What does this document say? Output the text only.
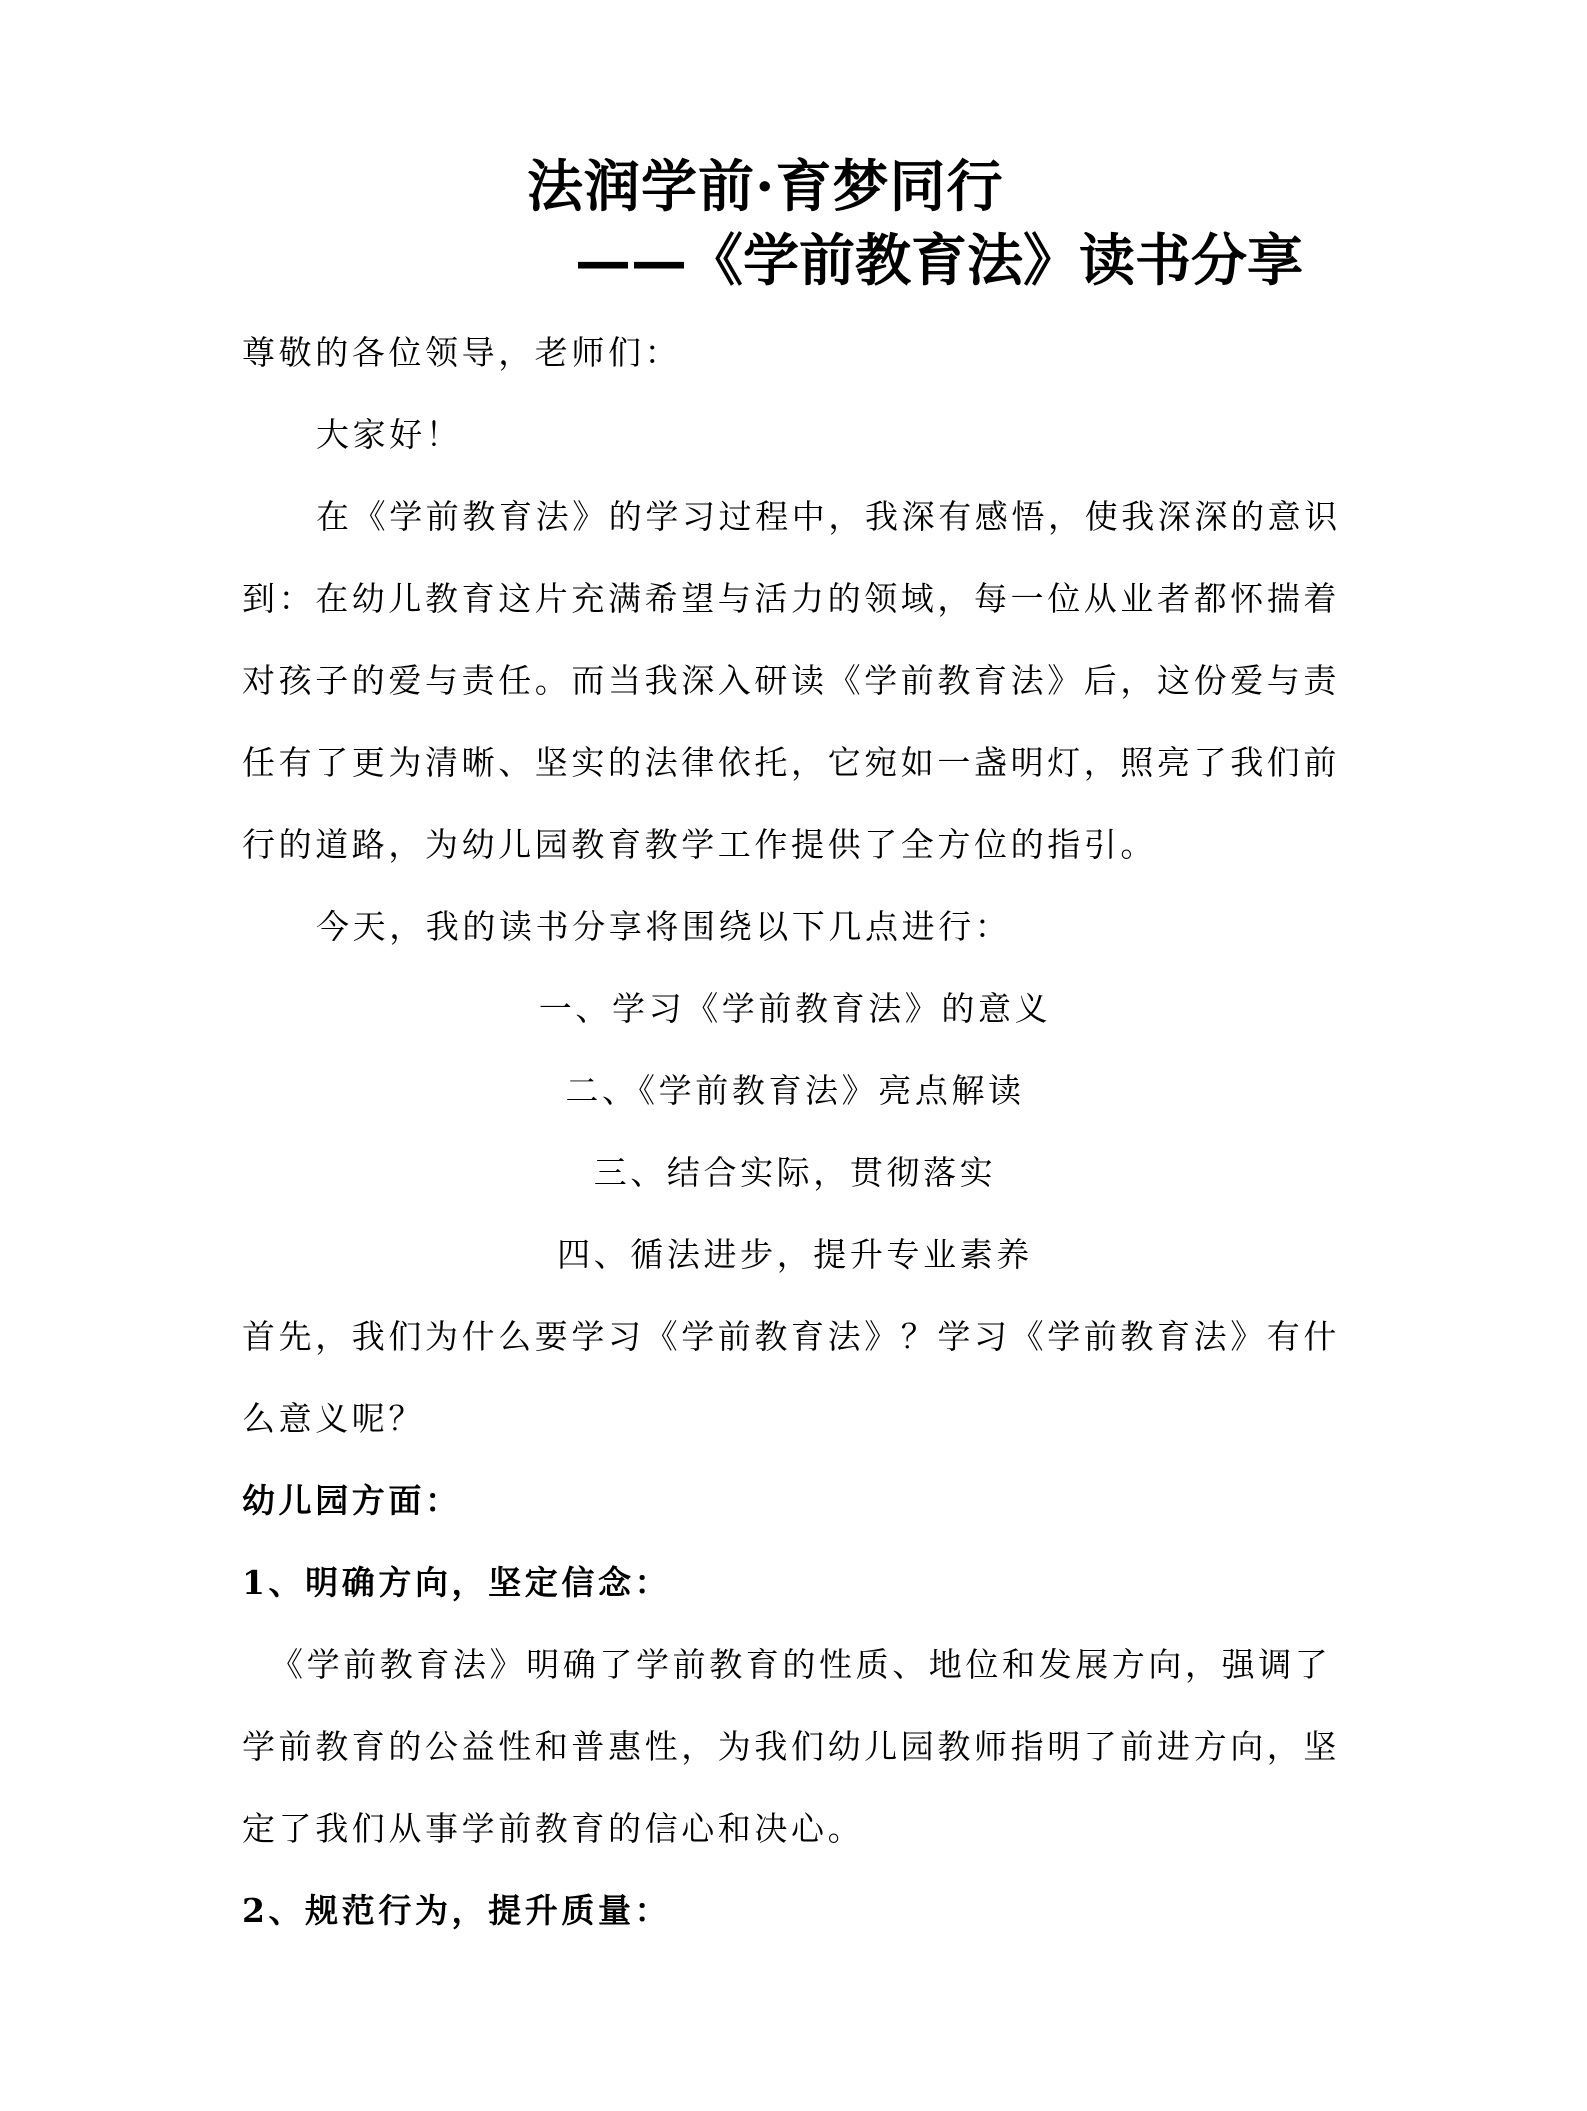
法润学前·育梦同行
——《学前教育法》读书分享
尊敬的各位领导，老师们：
大家好！
在《学前教育法》的学习过程中，我深有感悟，使我深深的意识
到：在幼儿教育这片充满希望与活力的领域，每一位从业者都怀揣着
对孩子的爱与责任。而当我深入研读《学前教育法》后，这份爱与责
任有了更为清晰、坚实的法律依托，它宛如一盏明灯，照亮了我们前
行的道路，为幼儿园教育教学工作提供了全方位的指引。
今天，我的读书分享将围绕以下几点进行：
一、学习《学前教育法》的意义
二、《学前教育法》亮点解读
三、结合实际，贯彻落实
四、循法进步，提升专业素养
首先，我们为什么要学习《学前教育法》？学习《学前教育法》有什
么意义呢？
幼儿园方面：
1、明确方向，坚定信念：
《学前教育法》明确了学前教育的性质、地位和发展方向，强调了
学前教育的公益性和普惠性，为我们幼儿园教师指明了前进方向，坚
定了我们从事学前教育的信心和决心。
2、规范行为，提升质量：
